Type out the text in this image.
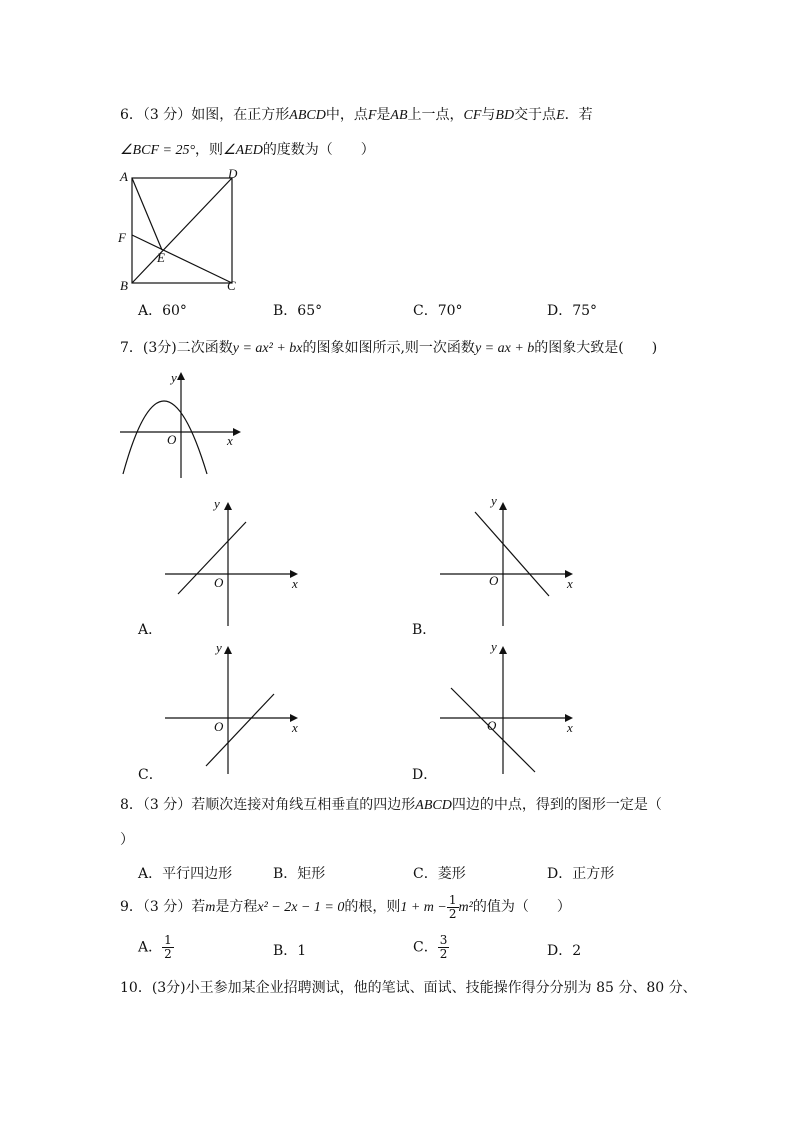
6．（3 分）如图，在正方形ABCD中，点F是AB上一点，CF与BD交于点E．若
∠BCF = 25°，则∠AED的度数为（　　）
A	D
F
E
B	C
A．60°	B．65°	C．70°	D．75°
7．(3分)二次函数y = ax² + bx的图象如图所示,则一次函数y = ax + b的图象大致是(　　)
y
x
O
y
x
O
A．
y
x
O
B．
y
x
O
C．
y
x
O
D．
8．（3 分）若顺次连接对角线互相垂直的四边形ABCD四边的中点，得到的图形一定是（
）
A．平行四边形	B．矩形	C．菱形	D．正方形
9．（3 分）若m是方程x² − 2x − 1 = 0的根，则$1 + m - \frac{1}{2} m^2$的值为（　　）
A． $\frac{1}{2}$	B．1	C． $\frac{3}{2}$	D．2
10．(3分)小王参加某企业招聘测试，他的笔试、面试、技能操作得分分别为 85 分、80 分、
